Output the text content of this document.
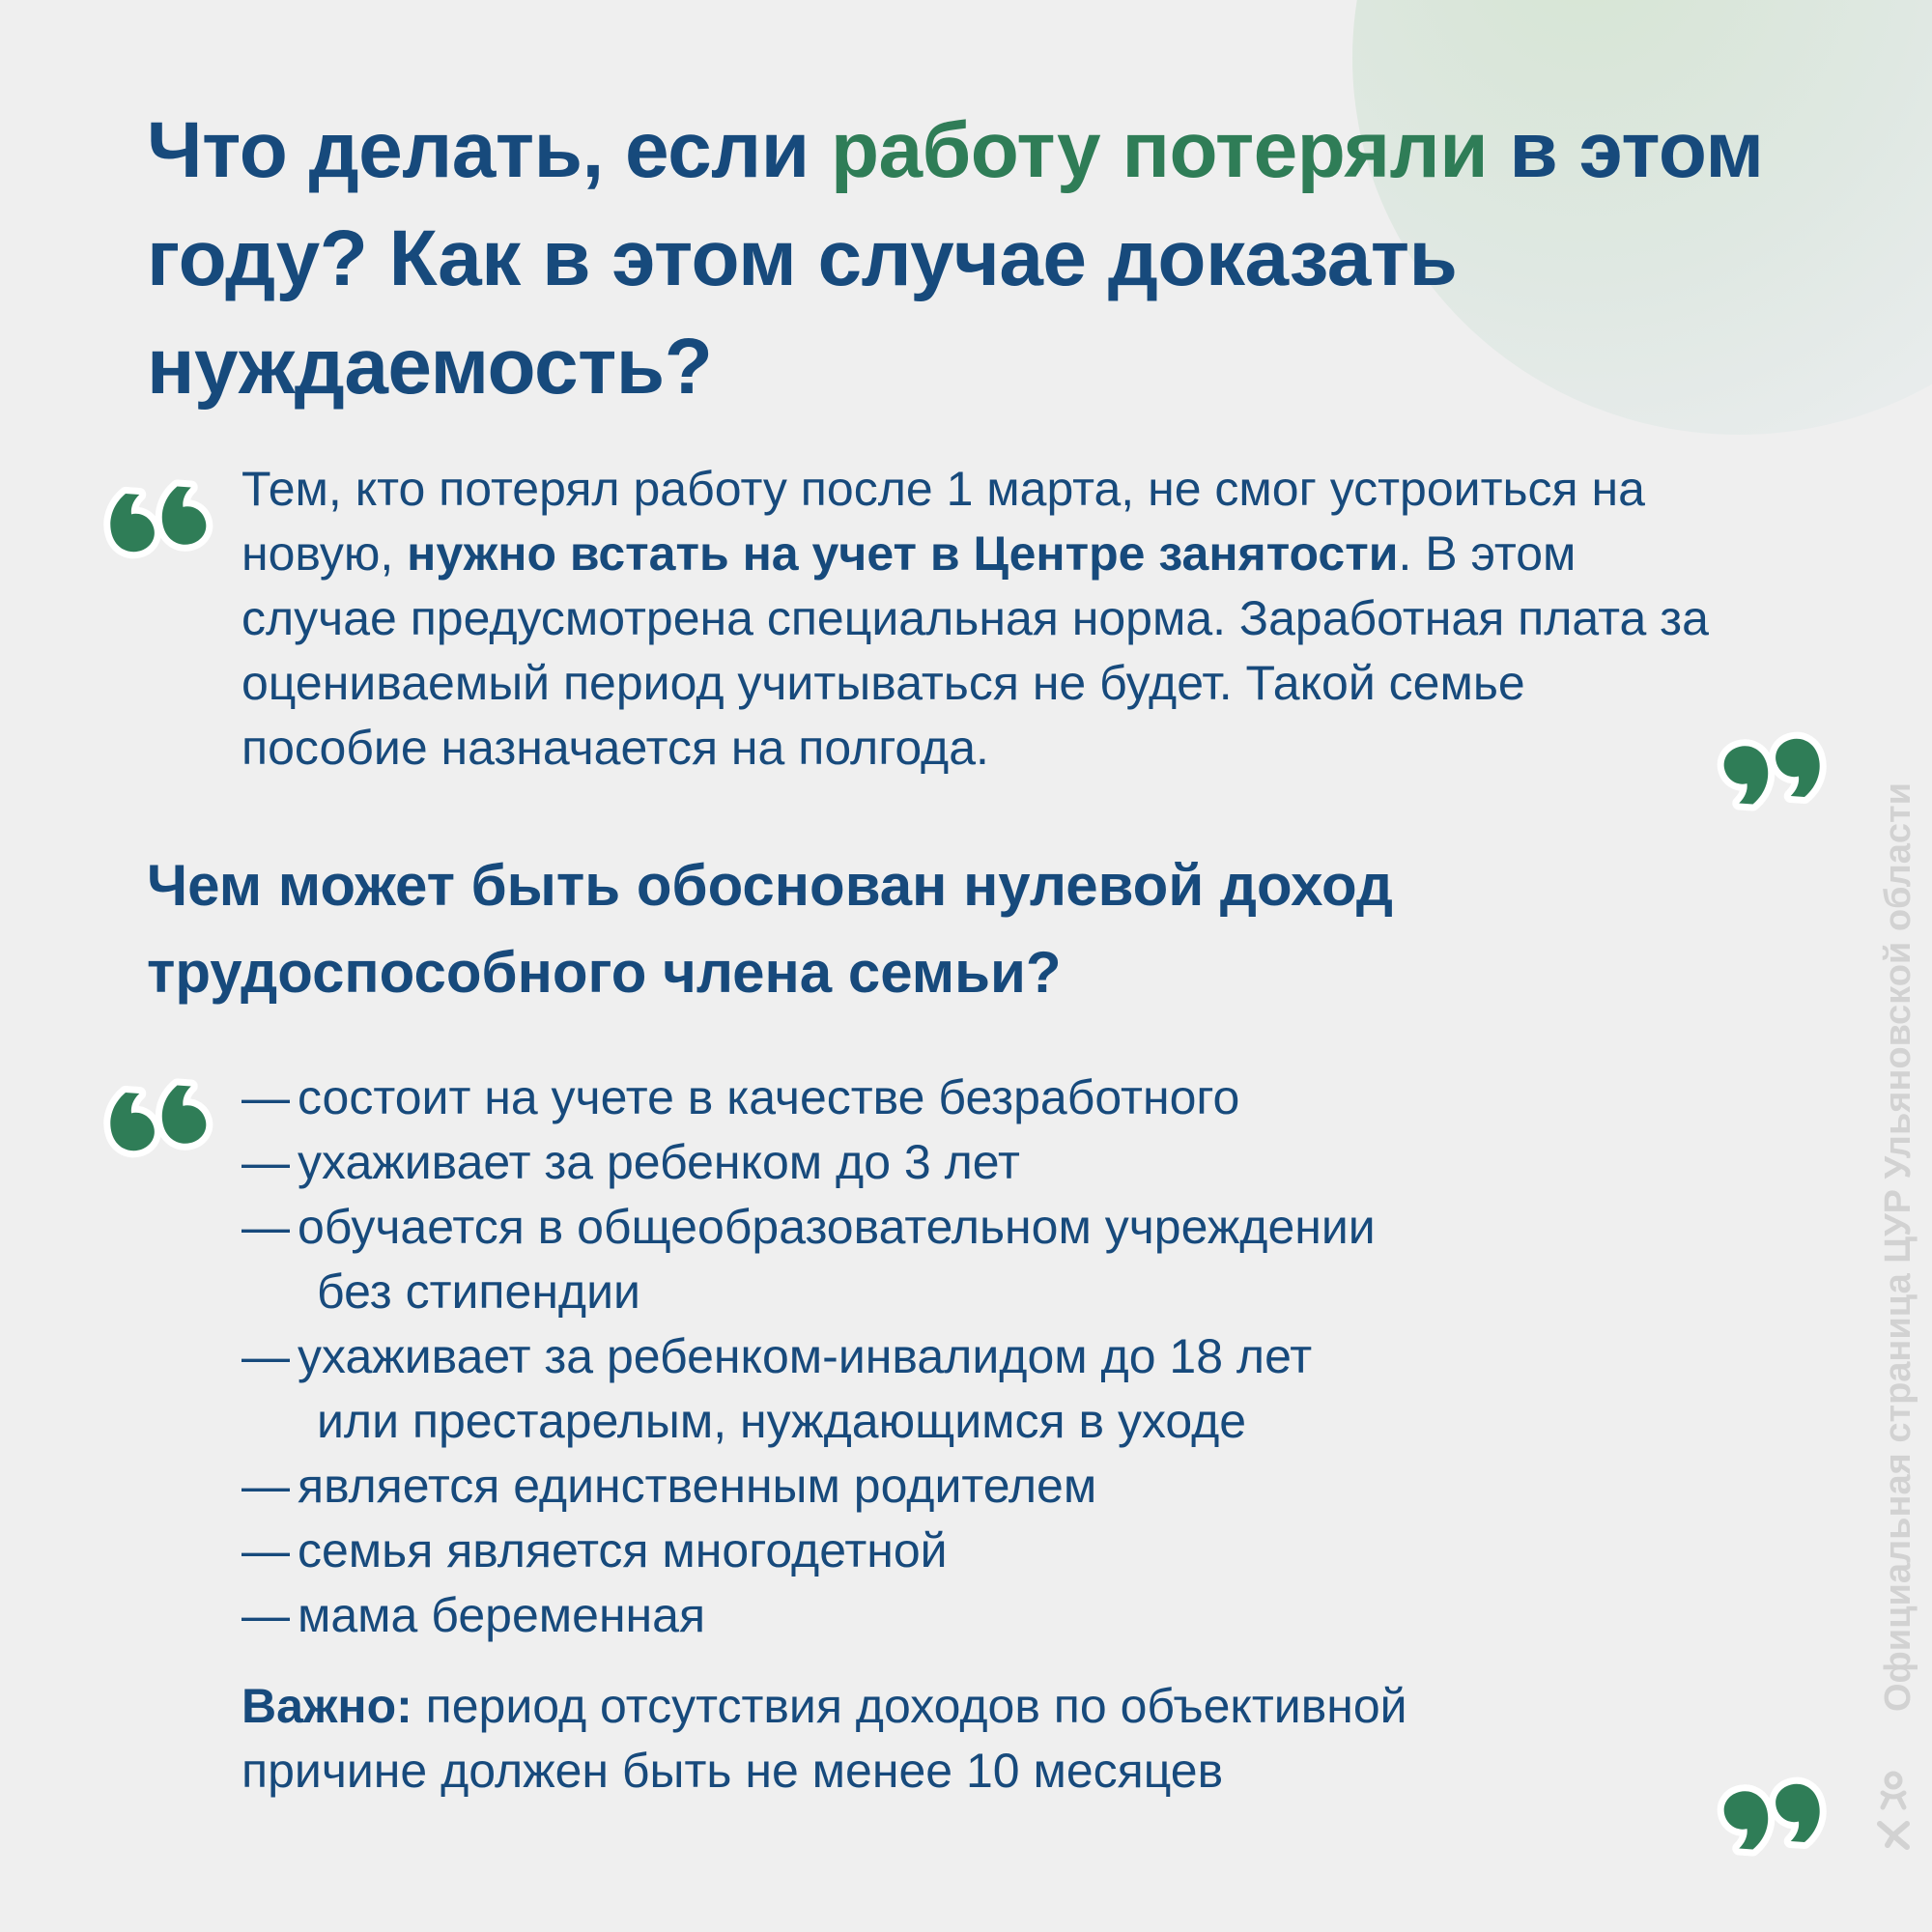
Что делать, если работу потеряли в этом году? Как в этом случае доказать нуждаемость?

Тем, кто потерял работу после 1 марта, не смог устроиться на новую, нужно встать на учет в Центре занятости. В этом случае предусмотрена специальная норма. Заработная плата за оцениваемый период учитываться не будет. Такой семье пособие назначается на полгода.

Чем может быть обоснован нулевой доход трудоспособного члена семьи?
— состоит на учете в качестве безработного
— ухаживает за ребенком до 3 лет
— обучается в общеобразовательном учреждении
без стипендии
— ухаживает за ребенком-инвалидом до 18 лет
или престарелым, нуждающимся в уходе
— является единственным родителем
— семья является многодетной
— мама беременная

Важно: период отсутствия доходов по объективной причине должен быть не менее 10 месяцев

Официальная страница ЦУР Ульяновской области
